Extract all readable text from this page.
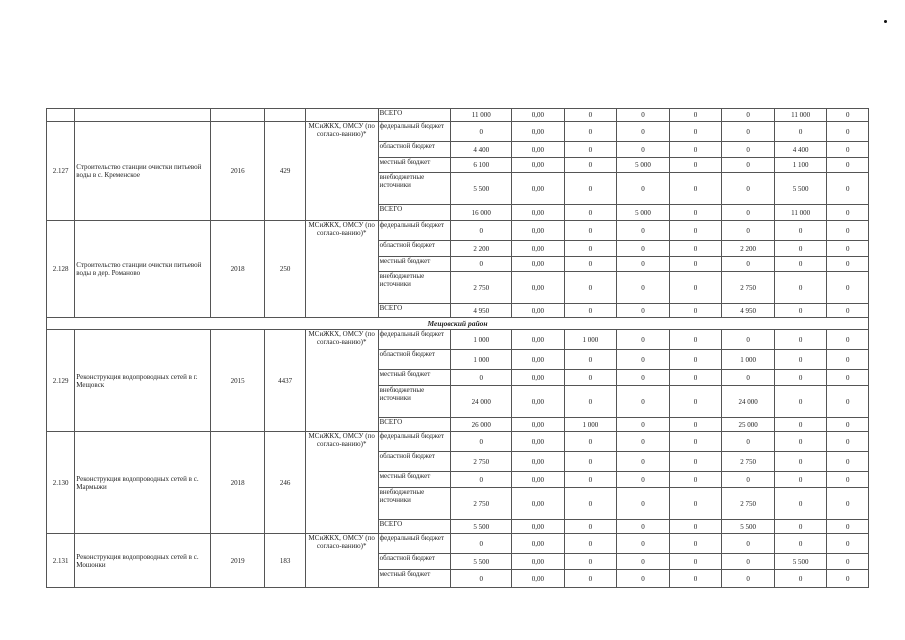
					ВСЕГО	11 000	0,00	0	0	0	0	11 000	0
2.127	Строительство станции очистки питьевой воды в с. Кременское	2016	429	МСиЖКХ, ОМСУ (по согласо-ванию)*	федеральный бюджет	0	0,00	0	0	0	0	0	0
					областной бюджет	4 400	0,00	0	0	0	0	4 400	0
					местный бюджет	6 100	0,00	0	5 000	0	0	1 100	0
					внебюджетные источники	5 500	0,00	0	0	0	0	5 500	0
					ВСЕГО	16 000	0,00	0	5 000	0	0	11 000	0
2.128	Строительство станции очистки питьевой воды в дер. Романово	2018	250	МСиЖКХ, ОМСУ (по согласо-ванию)*	федеральный бюджет	0	0,00	0	0	0	0	0	0
					областной бюджет	2 200	0,00	0	0	0	2 200	0	0
					местный бюджет	0	0,00	0	0	0	0	0	0
					внебюджетные источники	2 750	0,00	0	0	0	2 750	0	0
					ВСЕГО	4 950	0,00	0	0	0	4 950	0	0
Мещовский район													
2.129	Реконструкция водопроводных сетей в г. Мещовск	2015	4437	МСиЖКХ, ОМСУ (по согласо-ванию)*	федеральный бюджет	1 000	0,00	1 000	0	0	0	0	0
					областной бюджет	1 000	0,00	0	0	0	1 000	0	0
					местный бюджет	0	0,00	0	0	0	0	0	0
					внебюджетные источники	24 000	0,00	0	0	0	24 000	0	0
					ВСЕГО	26 000	0,00	1 000	0	0	25 000	0	0
2.130	Реконструкция водопроводных сетей в с. Мармыжи	2018	246	МСиЖКХ, ОМСУ (по согласо-ванию)*	федеральный бюджет	0	0,00	0	0	0	0	0	0
					областной бюджет	2 750	0,00	0	0	0	2 750	0	0
					местный бюджет	0	0,00	0	0	0	0	0	0
					внебюджетные источники	2 750	0,00	0	0	0	2 750	0	0
					ВСЕГО	5 500	0,00	0	0	0	5 500	0	0
2.131	Реконструкция водопроводных сетей в с. Мошонки	2019	183	МСиЖКХ, ОМСУ (по согласо-ванию)*	федеральный бюджет	0	0,00	0	0	0	0	0	0
					областной бюджет	5 500	0,00	0	0	0	0	5 500	0
					местный бюджет	0	0,00	0	0	0	0	0	0
